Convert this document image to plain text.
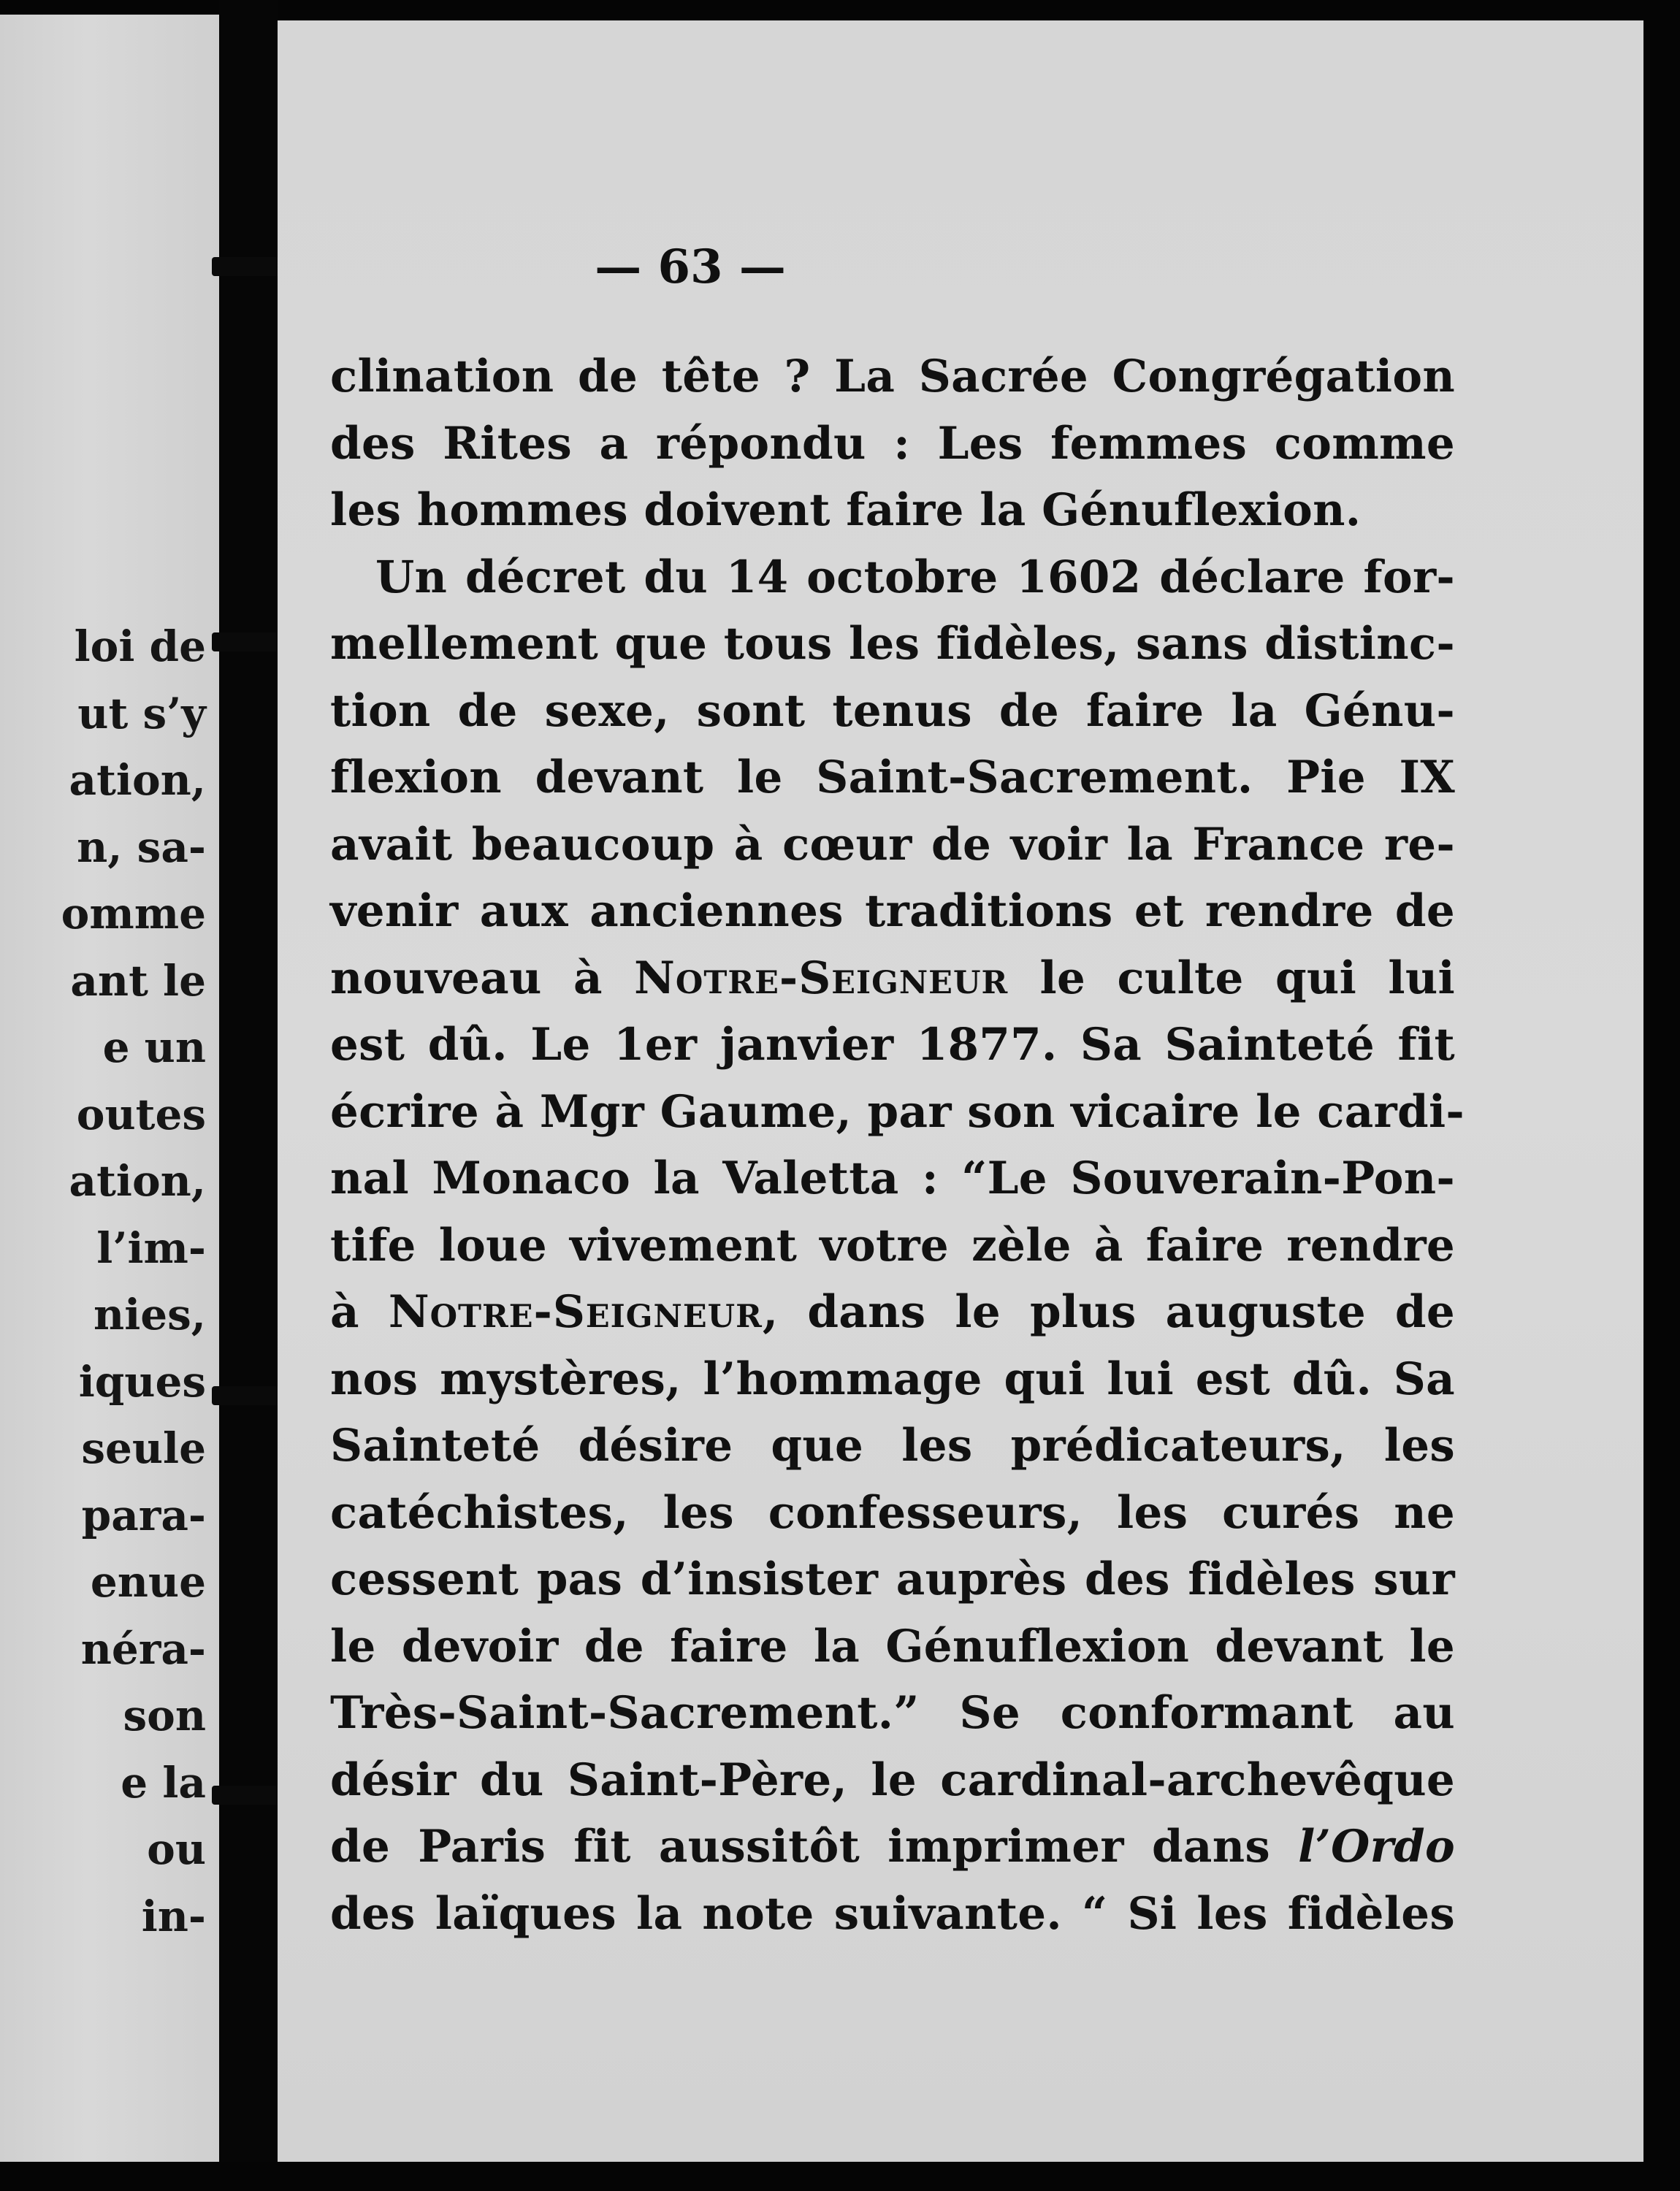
loi de
ut s’y
ation,
n, sa-
omme
ant le
e un
outes
ation,
l’im-
nies,
iques
seule
para-
enue
néra-
son
e la
ou
in-
— 63 —
clination de tête ? La Sacrée Congrégation
des Rites a répondu : Les femmes comme
les hommes doivent faire la Génuflexion.
Un décret du 14 octobre 1602 déclare for-
mellement que tous les fidèles, sans distinc-
tion de sexe, sont tenus de faire la Génu-
flexion devant le Saint-Sacrement. Pie IX
avait beaucoup à cœur de voir la France re-
venir aux anciennes traditions et rendre de
nouveau à Notre-Seigneur le culte qui lui
est dû. Le 1er janvier 1877. Sa Sainteté fit
écrire à Mgr Gaume, par son vicaire le cardi-
nal Monaco la Valetta : “Le Souverain-Pon-
tife loue vivement votre zèle à faire rendre
à Notre-Seigneur, dans le plus auguste de
nos mystères, l’hommage qui lui est dû. Sa
Sainteté désire que les prédicateurs, les
catéchistes, les confesseurs, les curés ne
cessent pas d’insister auprès des fidèles sur
le devoir de faire la Génuflexion devant le
Très-Saint-Sacrement.” Se conformant au
désir du Saint-Père, le cardinal-archevêque
de Paris fit aussitôt imprimer dans l’Ordo
des laïques la note suivante. “ Si les fidèles
